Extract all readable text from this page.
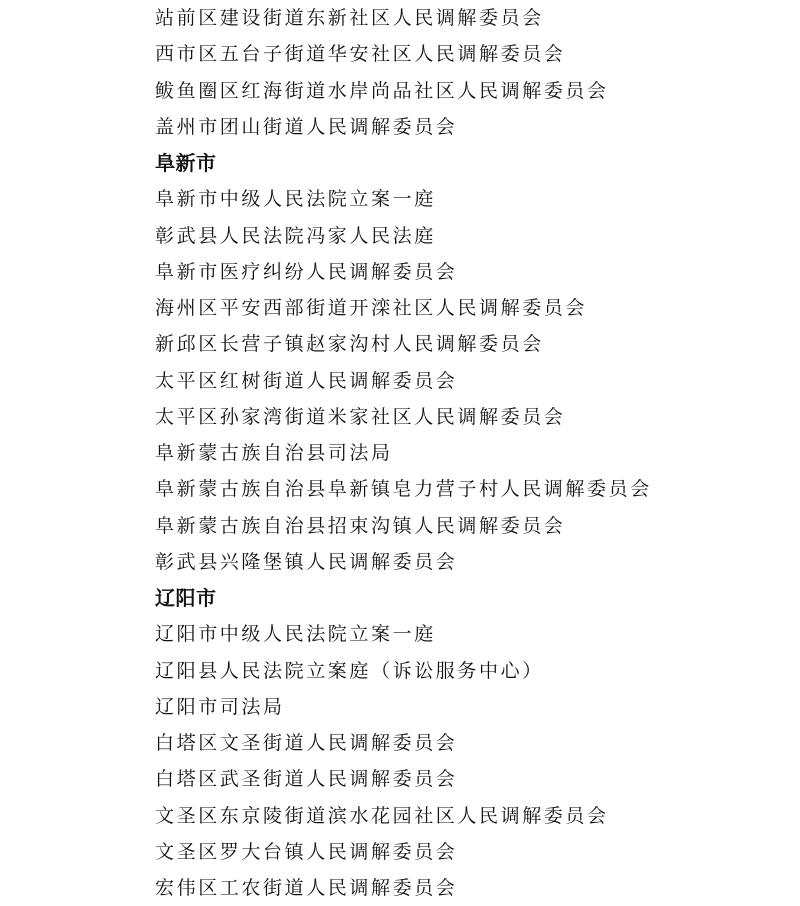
站前区建设街道东新社区人民调解委员会
西市区五台子街道华安社区人民调解委员会
鲅鱼圈区红海街道水岸尚品社区人民调解委员会
盖州市团山街道人民调解委员会
阜新市
阜新市中级人民法院立案一庭
彰武县人民法院冯家人民法庭
阜新市医疗纠纷人民调解委员会
海州区平安西部街道开滦社区人民调解委员会
新邱区长营子镇赵家沟村人民调解委员会
太平区红树街道人民调解委员会
太平区孙家湾街道米家社区人民调解委员会
阜新蒙古族自治县司法局
阜新蒙古族自治县阜新镇皂力营子村人民调解委员会
阜新蒙古族自治县招束沟镇人民调解委员会
彰武县兴隆堡镇人民调解委员会
辽阳市
辽阳市中级人民法院立案一庭
辽阳县人民法院立案庭（诉讼服务中心）
辽阳市司法局
白塔区文圣街道人民调解委员会
白塔区武圣街道人民调解委员会
文圣区东京陵街道滨水花园社区人民调解委员会
文圣区罗大台镇人民调解委员会
宏伟区工农街道人民调解委员会
